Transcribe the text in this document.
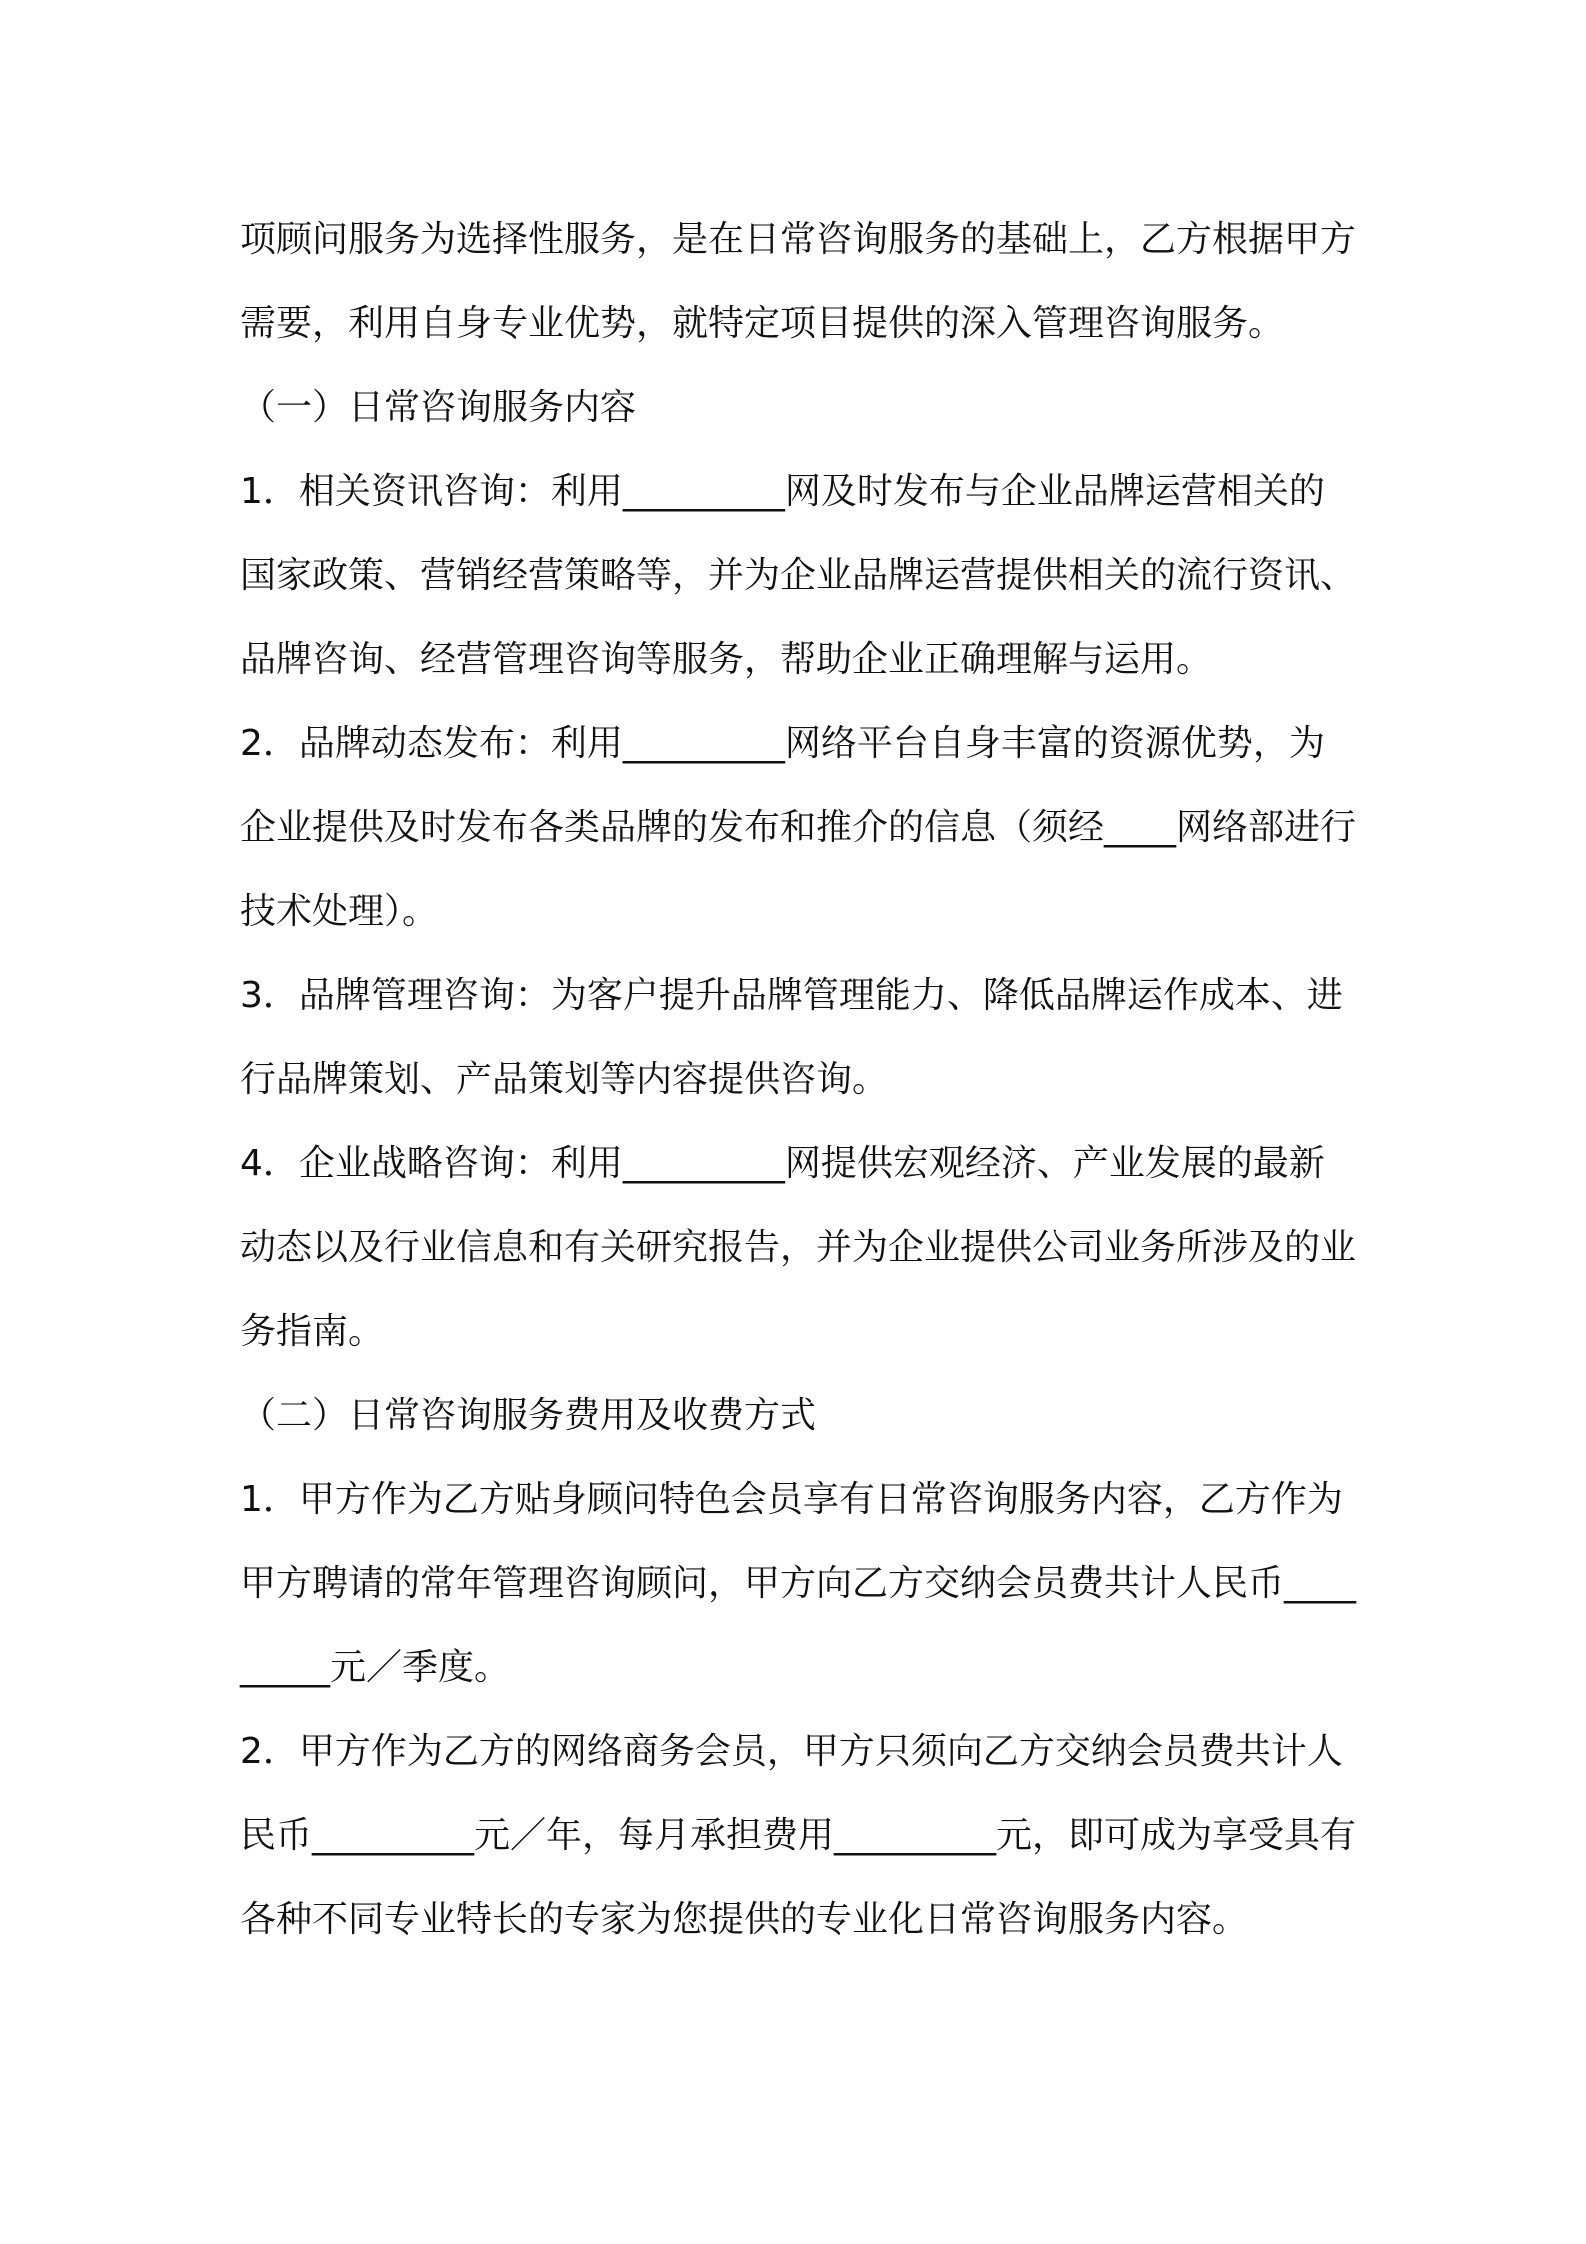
项顾问服务为选择性服务，是在日常咨询服务的基础上，乙方根据甲方需要，利用自身专业优势，就特定项目提供的深入管理咨询服务。

（一）日常咨询服务内容

1．相关资讯咨询：利用_________网及时发布与企业品牌运营相关的国家政策、营销经营策略等，并为企业品牌运营提供相关的流行资讯、品牌咨询、经营管理咨询等服务，帮助企业正确理解与运用。

2．品牌动态发布：利用_________网络平台自身丰富的资源优势，为企业提供及时发布各类品牌的发布和推介的信息（须经____网络部进行技术处理）。

3．品牌管理咨询：为客户提升品牌管理能力、降低品牌运作成本、进行品牌策划、产品策划等内容提供咨询。

4．企业战略咨询：利用_________网提供宏观经济、产业发展的最新动态以及行业信息和有关研究报告，并为企业提供公司业务所涉及的业务指南。

（二）日常咨询服务费用及收费方式

1．甲方作为乙方贴身顾问特色会员享有日常咨询服务内容，乙方作为甲方聘请的常年管理咨询顾问，甲方向乙方交纳会员费共计人民币_________元／季度。

2．甲方作为乙方的网络商务会员，甲方只须向乙方交纳会员费共计人民币_________元／年，每月承担费用_________元，即可成为享受具有各种不同专业特长的专家为您提供的专业化日常咨询服务内容。
